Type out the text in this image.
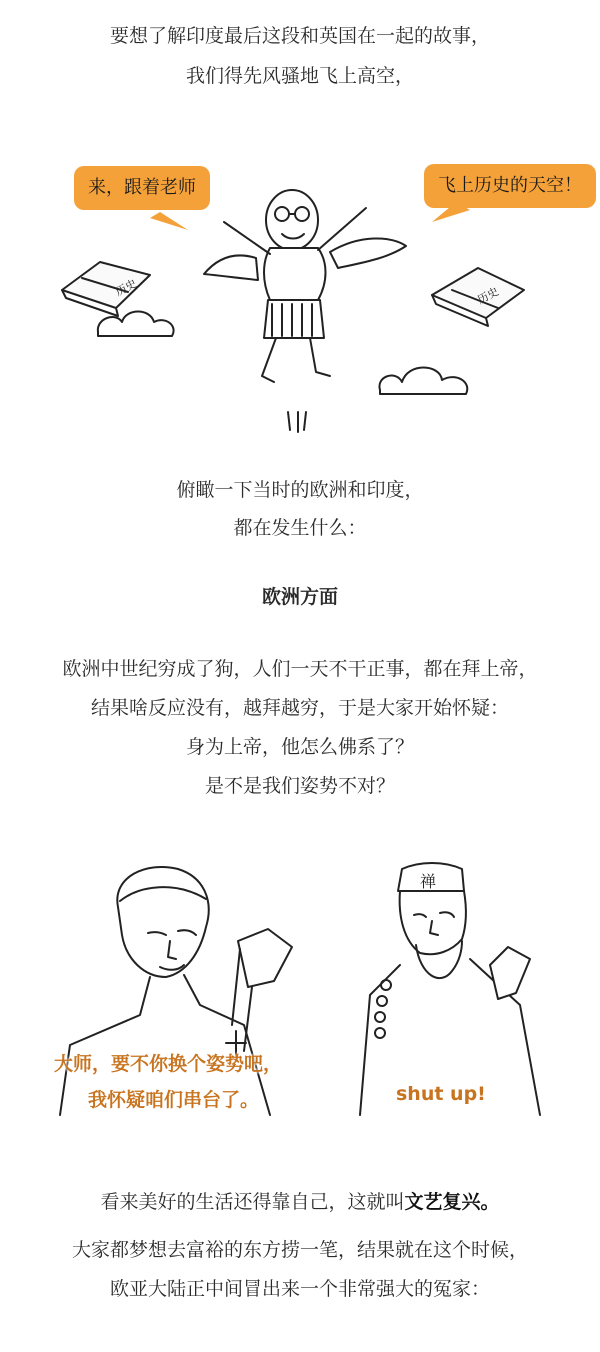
要想了解印度最后这段和英国在一起的故事，
我们得先风骚地飞上高空，
历史	历史
来，跟着老师	飞上历史的天空！
俯瞰一下当时的欧洲和印度，
都在发生什么：
欧洲方面
欧洲中世纪穷成了狗，人们一天不干正事，都在拜上帝，
结果啥反应没有，越拜越穷，于是大家开始怀疑：
身为上帝，他怎么佛系了？
是不是我们姿势不对？
禅
大师，要不你换个姿势吧，
我怀疑咱们串台了。	shut up!
看来美好的生活还得靠自己，这就叫文艺复兴。
大家都梦想去富裕的东方捞一笔，结果就在这个时候，
欧亚大陆正中间冒出来一个非常强大的冤家：
